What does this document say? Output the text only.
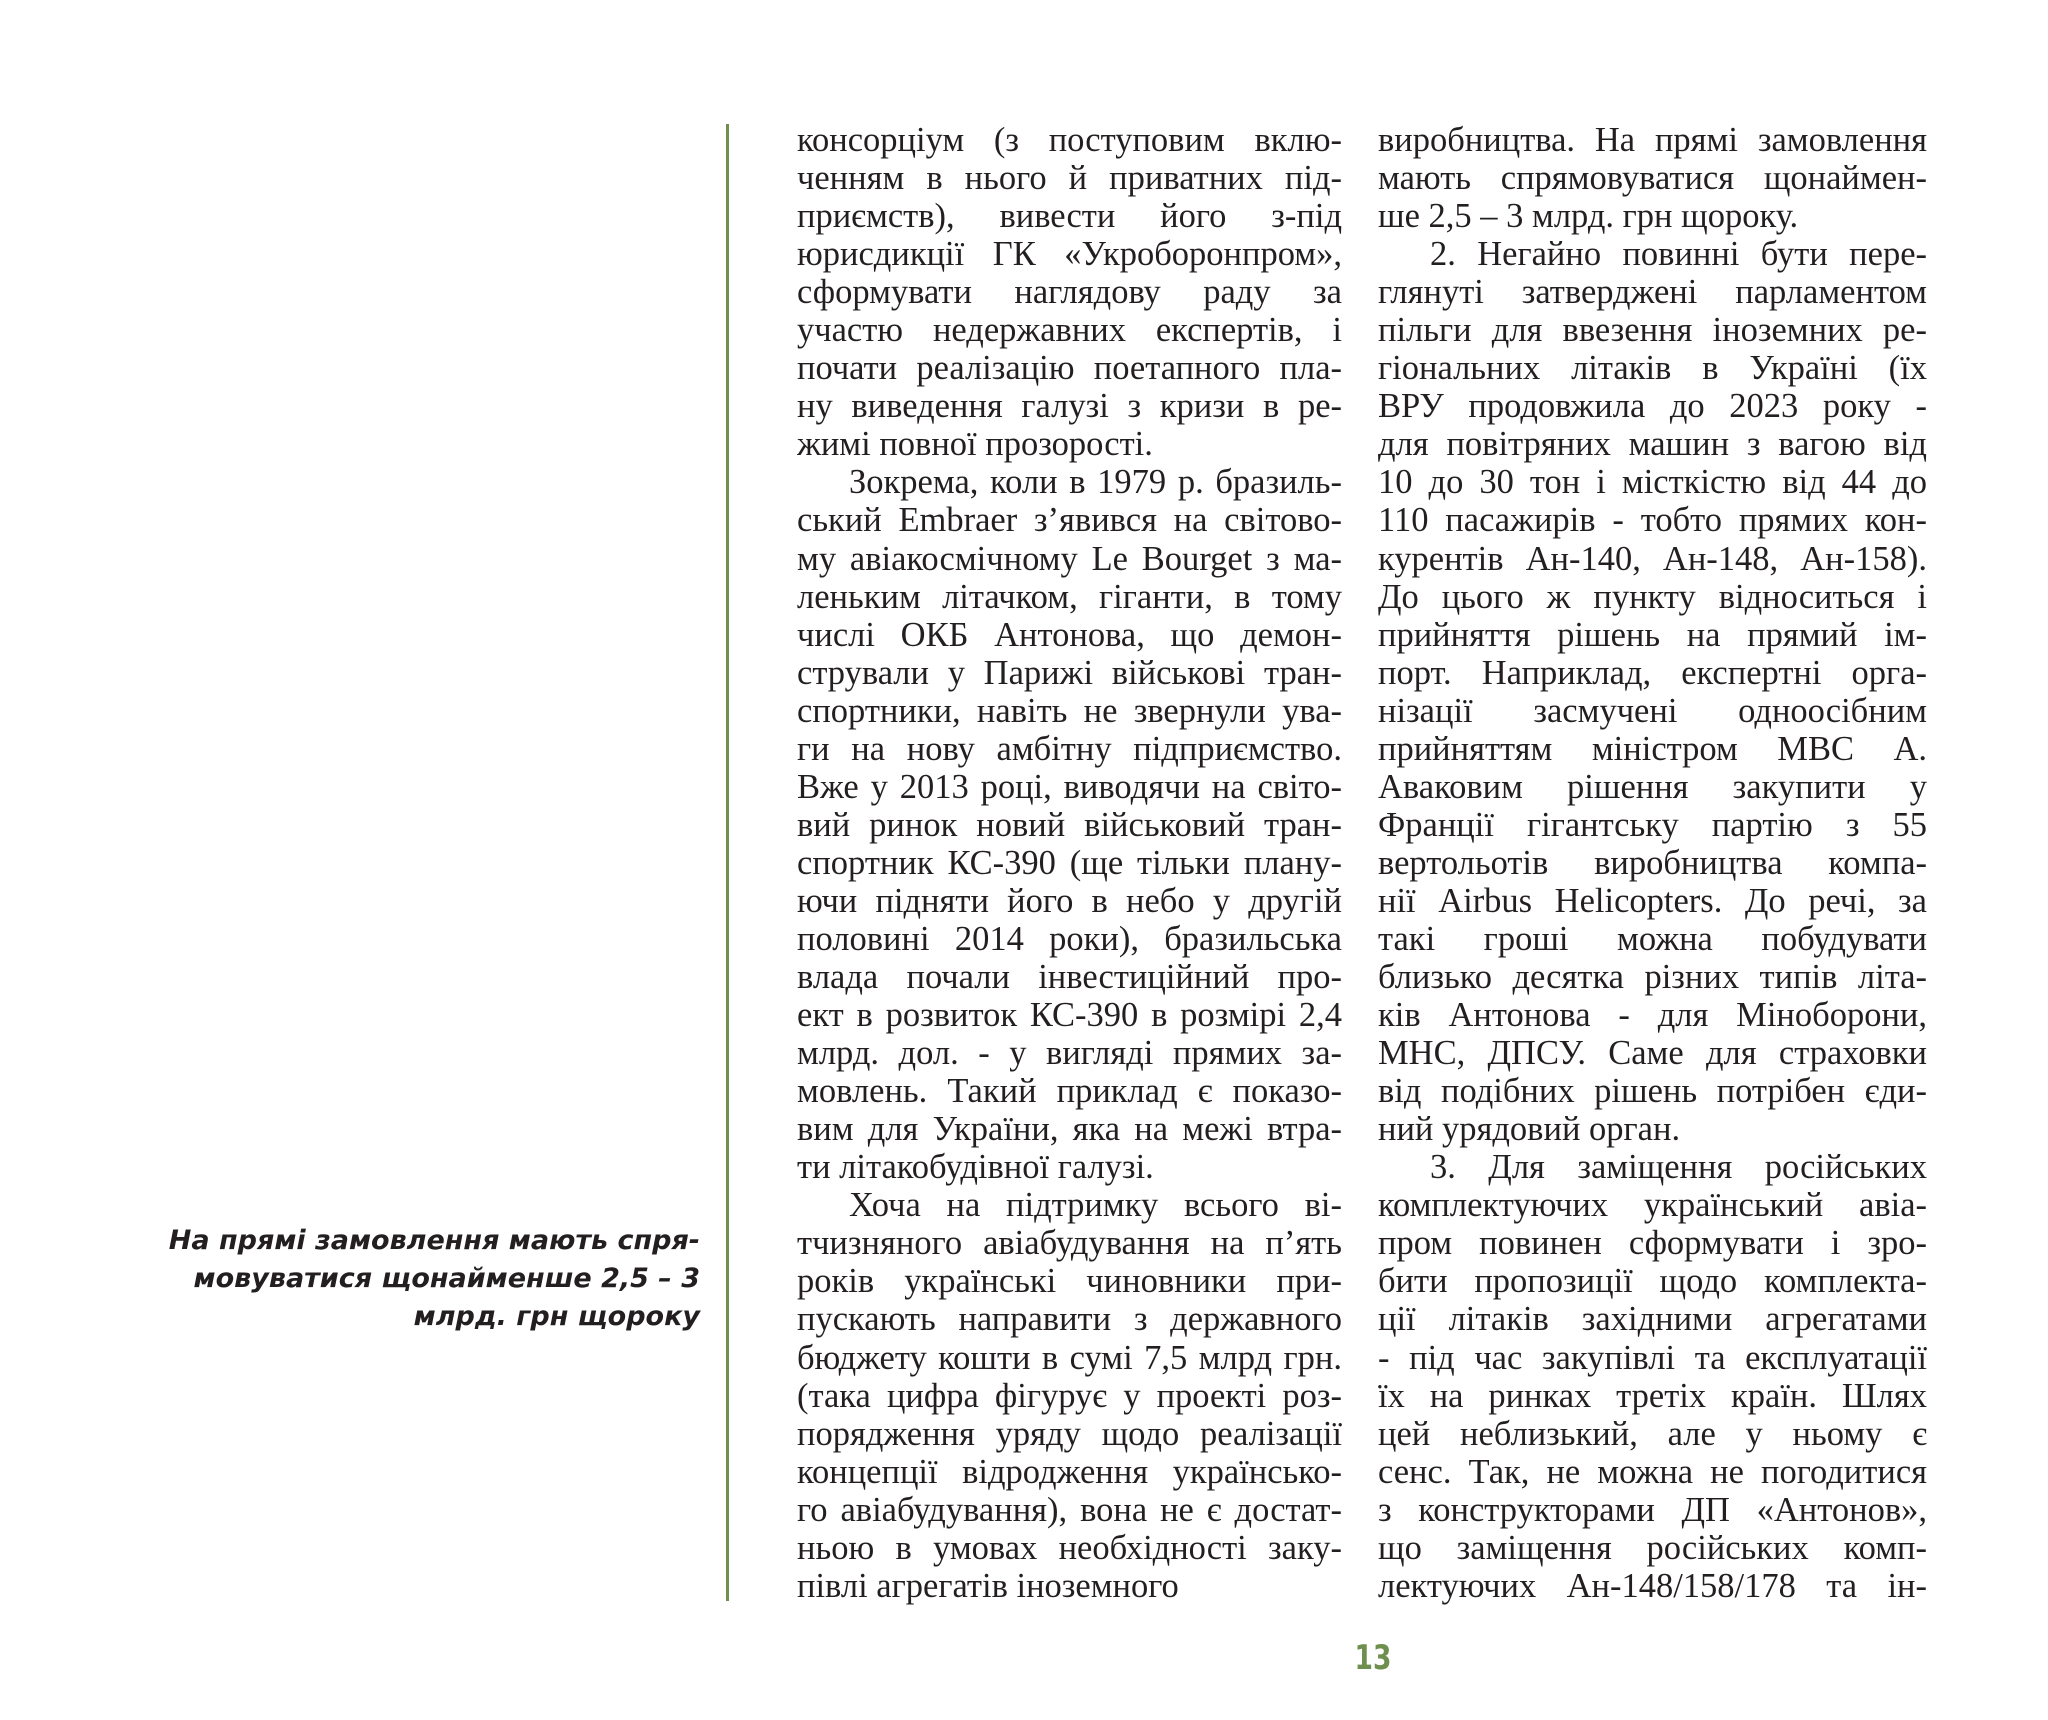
На прямі замовлення мають спря-
мовуватися щонайменше 2,5 – 3
млрд. грн щороку
консорціум (з поступовим вклю-
ченням в нього й приватних під-
приємств), вивести його з-під
юрисдикції ГК «Укроборонпром»,
сформувати наглядову раду за
участю недержавних експертів, і
почати реалізацію поетапного пла-
ну виведення галузі з кризи в ре-
жимі повної прозорості.
Зокрема, коли в 1979 р. бразиль-
ський Embraer з’явився на світово-
му авіакосмічному Le Bourget з ма-
леньким літачком, гіганти, в тому
числі ОКБ Антонова, що демон-
стрували у Парижі військові тран-
спортники, навіть не звернули ува-
ги на нову амбітну підприємство.
Вже у 2013 році, виводячи на світо-
вий ринок новий військовий тран-
спортник КС-390 (ще тільки плану-
ючи підняти його в небо у другій
половині 2014 роки), бразильська
влада почали інвестиційний про-
ект в розвиток КС-390 в розмірі 2,4
млрд. дол. - у вигляді прямих за-
мовлень. Такий приклад є показо-
вим для України, яка на межі втра-
ти літакобудівної галузі.
Хоча на підтримку всього ві-
тчизняного авіабудування на п’ять
років українські чиновники при-
пускають направити з державного
бюджету кошти в сумі 7,5 млрд грн.
(така цифра фігурує у проекті роз-
порядження уряду щодо реалізації
концепції відродження українсько-
го авіабудування), вона не є достат-
ньою в умовах необхідності заку-
півлі агрегатів іноземного
виробництва. На прямі замовлення
мають спрямовуватися щонаймен-
ше 2,5 – 3 млрд. грн щороку.
2. Негайно повинні бути пере-
глянуті затверджені парламентом
пільги для ввезення іноземних ре-
гіональних літаків в Україні (їх
ВРУ продовжила до 2023 року -
для повітряних машин з вагою від
10 до 30 тон і місткістю від 44 до
110 пасажирів - тобто прямих кон-
курентів Ан-140, Ан-148, Ан-158).
До цього ж пункту відноситься і
прийняття рішень на прямий ім-
порт. Наприклад, експертні орга-
нізації засмучені одноосібним
прийняттям міністром МВС А.
Аваковим рішення закупити у
Франції гігантську партію з 55
вертольотів виробництва компа-
нії Airbus Helicopters. До речі, за
такі гроші можна побудувати
близько десятка різних типів літа-
ків Антонова - для Міноборони,
МНС, ДПСУ. Саме для страховки
від подібних рішень потрібен єди-
ний урядовий орган.
3. Для заміщення російських
комплектуючих український авіа-
пром повинен сформувати і зро-
бити пропозиції щодо комплекта-
ції літаків західними агрегатами
- під час закупівлі та експлуатації
їх на ринках третіх країн. Шлях
цей неблизький, але у ньому є
сенс. Так, не можна не погодитися
з конструкторами ДП «Антонов»,
що заміщення російських комп-
лектуючих Ан-148/158/178 та ін-
13
